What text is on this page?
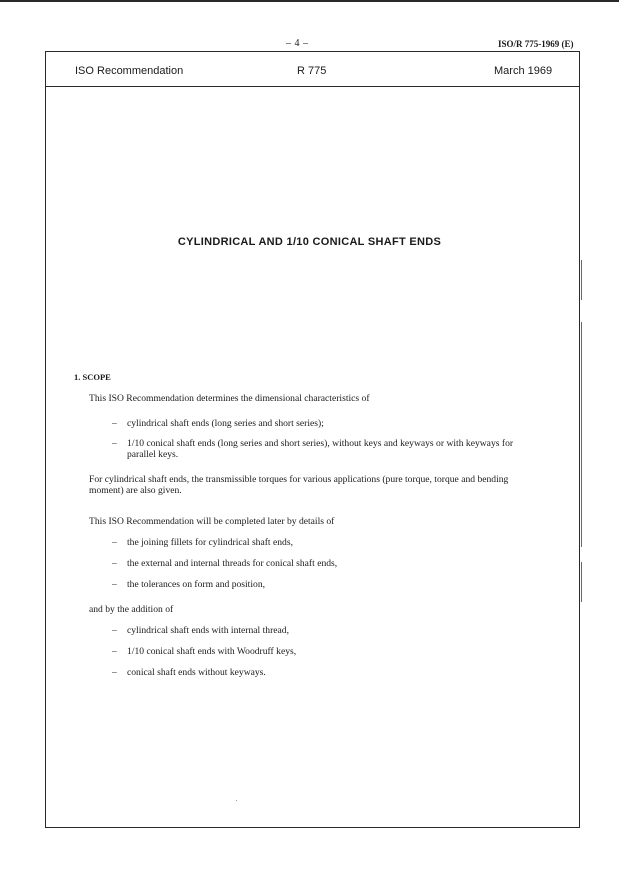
– 4 –	ISO/R 775-1969 (E)
ISO Recommendation	R 775	March 1969
CYLINDRICAL AND 1/10 CONICAL SHAFT ENDS
1. SCOPE
This ISO Recommendation determines the dimensional characteristics of
– cylindrical shaft ends (long series and short series);
– 1/10 conical shaft ends (long series and short series), without keys and keyways or with keyways for
parallel keys.
For cylindrical shaft ends, the transmissible torques for various applications (pure torque, torque and bending
moment) are also given.
This ISO Recommendation will be completed later by details of
– the joining fillets for cylindrical shaft ends,
– the external and internal threads for conical shaft ends,
– the tolerances on form and position,
and by the addition of
– cylindrical shaft ends with internal thread,
– 1/10 conical shaft ends with Woodruff keys,
– conical shaft ends without keyways.
